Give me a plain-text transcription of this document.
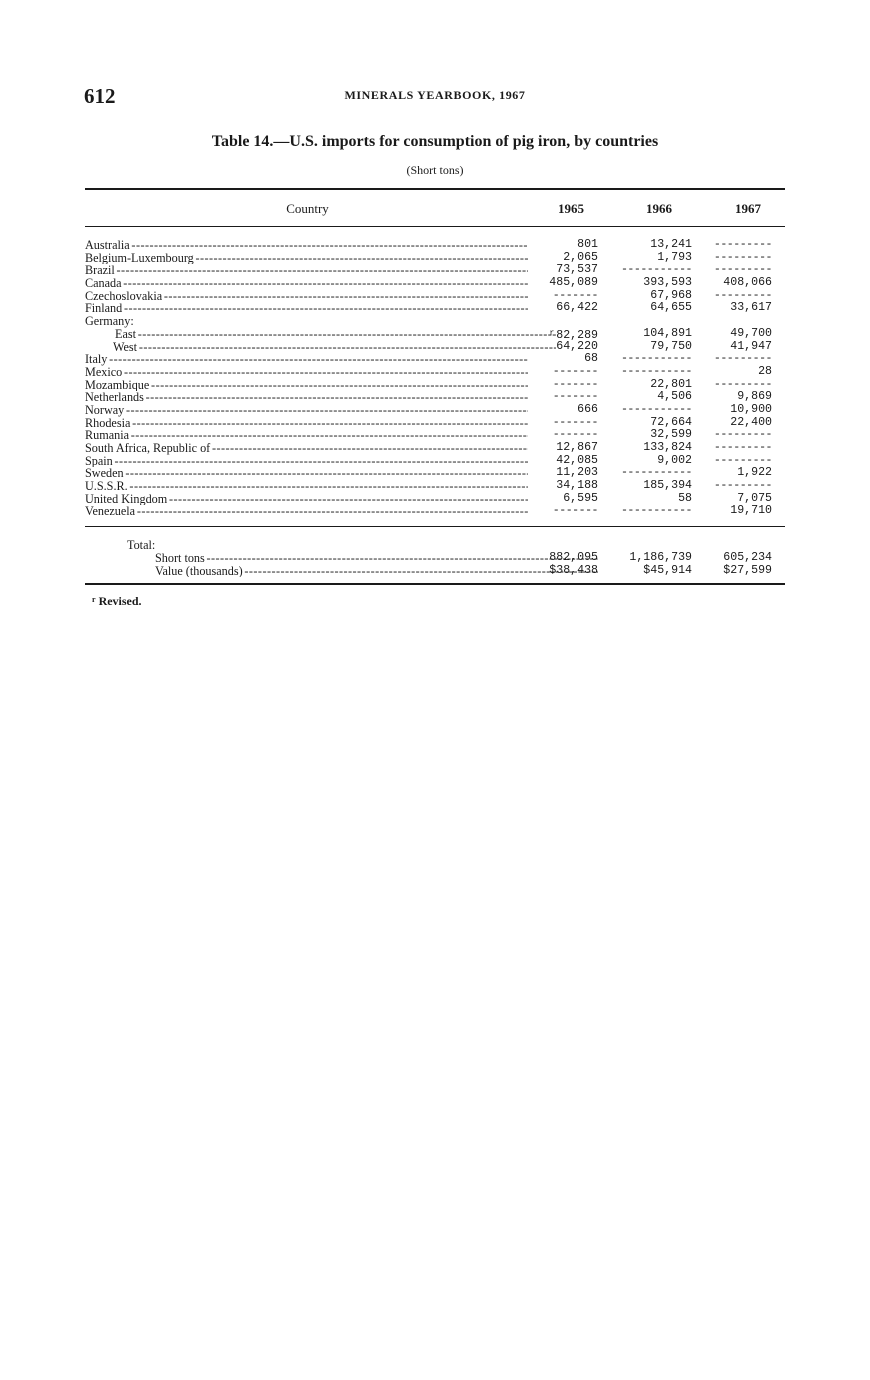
612	MINERALS YEARBOOK, 1967
Table 14.—U.S. imports for consumption of pig iron, by countries
(Short tons)
Country	1965	1966	1967
Australia - - -	801	13,241	---------
Belgium-Luxembourg - - -	2,065	1,793	---------
Brazil - - -	73,537	-----------	---------
Canada - - -	485,089	393,593	408,066
Czechoslovakia - - -	-------	67,968	---------
Finland - - -	66,422	64,655	33,617
Germany:
East - - -	$^r$ 82,289	104,891	49,700
West - - -	64,220	79,750	41,947
Italy - - -	68	-----------	---------
Mexico - - -	-------	-----------	28
Mozambique - - -	-------	22,801	---------
Netherlands - - -	-------	4,506	9,869
Norway - - -	666	-----------	10,900
Rhodesia - - -	-------	72,664	22,400
Rumania - - -	-------	32,599	---------
South Africa, Republic of - - -	12,867	133,824	---------
Spain - - -	42,085	9,002	---------
Sweden - - -	11,203	-----------	1,922
U.S.S.R. - - -	34,188	185,394	---------
United Kingdom - - -	6,595	58	7,075
Venezuela - - -	-------	-----------	19,710
Total:
Short tons - - -	882,095	1,186,739	605,234
Value (thousands) - - -	$38,438	$45,914	$27,599
$^r$ Revised.
